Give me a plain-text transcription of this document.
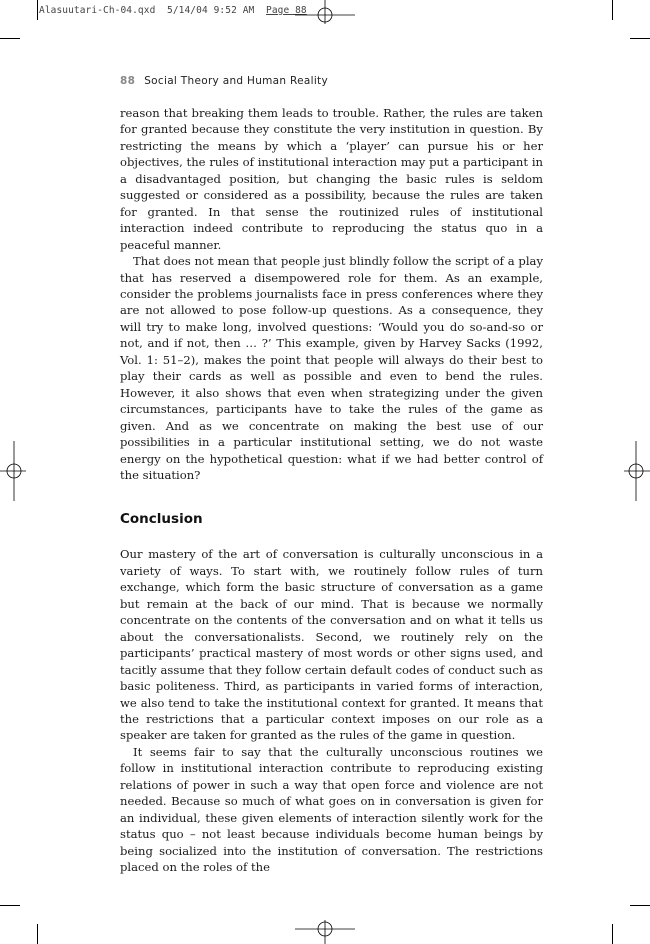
Alasuutari-Ch-04.qxd 5/14/04 9:52 AM Page 88
88 Social Theory and Human Reality

reason that breaking them leads to trouble. Rather, the rules are taken for granted because they constitute the very institution in question. By restricting the means by which a ‘player’ can pursue his or her objectives, the rules of institutional interaction may put a participant in a disadvantaged position, but changing the basic rules is seldom suggested or considered as a possibility, because the rules are taken for granted. In that sense the routinized rules of institutional interaction indeed contribute to reproducing the status quo in a peaceful manner.

That does not mean that people just blindly follow the script of a play that has reserved a disempowered role for them. As an example, consider the problems journalists face in press conferences where they are not allowed to pose follow-up questions. As a consequence, they will try to make long, involved questions: ‘Would you do so-and-so or not, and if not, then … ?’ This example, given by Harvey Sacks (1992, Vol. 1: 51–2), makes the point that people will always do their best to play their cards as well as possible and even to bend the rules. However, it also shows that even when strategizing under the given circumstances, participants have to take the rules of the game as given. And as we concentrate on making the best use of our possibilities in a particular institutional setting, we do not waste energy on the hypothetical question: what if we had better control of the situation?

Conclusion

Our mastery of the art of conversation is culturally unconscious in a variety of ways. To start with, we routinely follow rules of turn exchange, which form the basic structure of conversation as a game but remain at the back of our mind. That is because we normally concentrate on the contents of the conversation and on what it tells us about the conversationalists. Second, we routinely rely on the participants’ practical mastery of most words or other signs used, and tacitly assume that they follow certain default codes of conduct such as basic politeness. Third, as participants in varied forms of interaction, we also tend to take the institutional context for granted. It means that the restrictions that a particular context imposes on our role as a speaker are taken for granted as the rules of the game in question.

It seems fair to say that the culturally unconscious routines we follow in institutional interaction contribute to reproducing existing relations of power in such a way that open force and violence are not needed. Because so much of what goes on in conversation is given for an individual, these given elements of interaction silently work for the status quo – not least because individuals become human beings by being socialized into the institution of conversation. The restrictions placed on the roles of the
